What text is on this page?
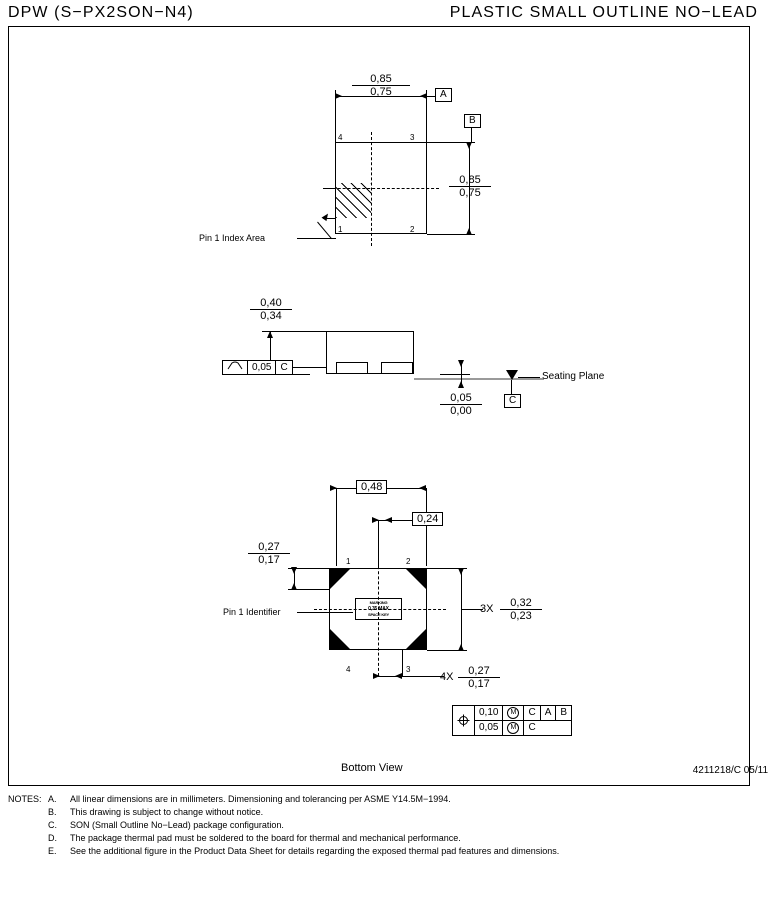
DPW (S−PX2SON−N4)	PLASTIC SMALL OUTLINE NO−LEAD
$\frac{0,85}{0,75}$	A
B
1	2
3
4
Pin 1 Index Area
$\frac{0,85}{0,75}$
$\frac{0,40}{0,34}$
Seating Plane
0,05 C
$\frac{0,05}{0,00}$	C
0,48
0,24
MARKING
0,35 MAX
SPACE KEY
1	2
3
4
Pin 1 Identifier
$\frac{0,27}{0,17}$
$3X \frac{0,32}{0,23}$
$4X \frac{0,27}{0,17}$
0,10	M	C A B
0,05	M	C
Bottom View	4211218/C 05/11
NOTES: A.	All linear dimensions are in millimeters. Dimensioning and tolerancing per ASME Y14.5M−1994.
B.	This drawing is subject to change without notice.
C.	SON (Small Outline No−Lead) package configuration.
D.	The package thermal pad must be soldered to the board for thermal and mechanical performance.
E.	See the additional figure in the Product Data Sheet for details regarding the exposed thermal pad features and dimensions.
